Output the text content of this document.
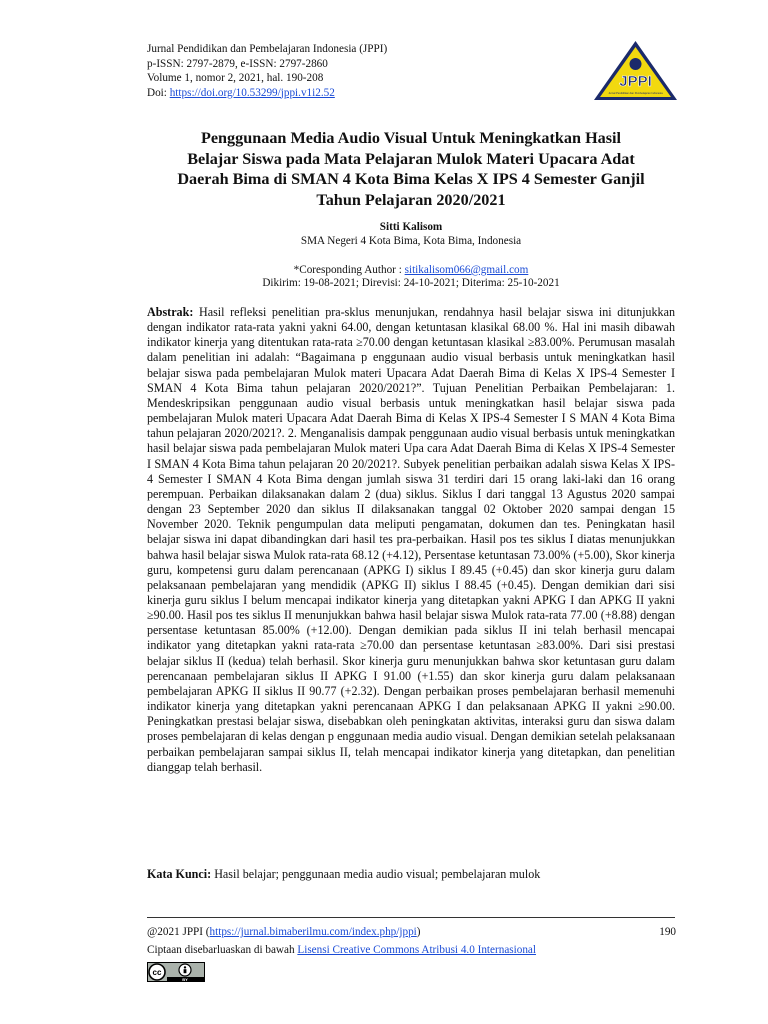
Jurnal Pendidikan dan Pembelajaran Indonesia (JPPI)
p-ISSN: 2797-2879, e-ISSN: 2797-2860
Volume 1, nomor 2, 2021, hal. 190-208
Doi: https://doi.org/10.53299/jppi.v1i2.52
JPPI
Jurnal Pendidikan dan Pembelajaran Indonesia
Penggunaan Media Audio Visual Untuk Meningkatkan Hasil
Belajar Siswa pada Mata Pelajaran Mulok Materi Upacara Adat
Daerah Bima di SMAN 4 Kota Bima Kelas X IPS 4 Semester Ganjil
Tahun Pelajaran 2020/2021
Sitti Kalisom
SMA Negeri 4 Kota Bima, Kota Bima, Indonesia
*Coresponding Author : sitikalisom066@gmail.com
Dikirim: 19-08-2021; Direvisi: 24-10-2021; Diterima: 25-10-2021
Abstrak: Hasil refleksi penelitian pra-sklus menunjukan, rendahnya hasil belajar siswa ini ditunjukkan dengan indikator rata-rata yakni yakni 64.00, dengan ketuntasan klasikal 68.00 %. Hal ini masih dibawah indikator kinerja yang ditentukan rata-rata ≥70.00 dengan ketuntasan klasikal ≥83.00%. Perumusan masalah dalam penelitian ini adalah: “Bagaimana p enggunaan audio visual berbasis untuk meningkatkan hasil belajar siswa pada pembelajaran Mulok materi Upacara Adat Daerah Bima di Kelas X IPS-4 Semester I SMAN 4 Kota Bima tahun pelajaran 2020/2021?”. Tujuan Penelitian Perbaikan Pembelajaran: 1. Mendeskripsikan penggunaan audio visual berbasis untuk meningkatkan hasil belajar siswa pada pembelajaran Mulok materi Upacara Adat Daerah Bima di Kelas X IPS-4 Semester I S MAN 4 Kota Bima tahun pelajaran 2020/2021?. 2. Menganalisis dampak penggunaan audio visual berbasis untuk meningkatkan hasil belajar siswa pada pembelajaran Mulok materi Upa cara Adat Daerah Bima di Kelas X IPS-4 Semester I SMAN 4 Kota Bima tahun pelajaran 20 20/2021?. Subyek penelitian perbaikan adalah siswa Kelas X IPS-4 Semester I SMAN 4 Kota Bima dengan jumlah siswa 31 terdiri dari 15 orang laki-laki dan 16 orang perempuan. Perbaikan dilaksanakan dalam 2 (dua) siklus. Siklus I dari tanggal 13 Agustus 2020 sampai dengan 23 September 2020 dan siklus II dilaksanakan tanggal 02 Oktober 2020 sampai dengan 15 November 2020. Teknik pengumpulan data meliputi pengamatan, dokumen dan tes. Peningkatan hasil belajar siswa ini dapat dibandingkan dari hasil tes pra-perbaikan. Hasil pos tes siklus I diatas menunjukkan bahwa hasil belajar siswa Mulok rata-rata 68.12 (+4.12), Persentase ketuntasan 73.00% (+5.00), Skor kinerja guru, kompetensi guru dalam perencanaan (APKG I) siklus I 89.45 (+0.45) dan skor kinerja guru dalam pelaksanaan pembelajaran yang mendidik (APKG II) siklus I 88.45 (+0.45). Dengan demikian dari sisi kinerja guru siklus I belum mencapai indikator kinerja yang ditetapkan yakni APKG I dan APKG II yakni ≥90.00. Hasil pos tes siklus II menunjukkan bahwa hasil belajar siswa Mulok rata-rata 77.00 (+8.88) dengan persentase ketuntasan 85.00% (+12.00). Dengan demikian pada siklus II ini telah berhasil mencapai indikator yang ditetapkan yakni rata-rata ≥70.00 dan persentase ketuntasan ≥83.00%. Dari sisi prestasi belajar siklus II (kedua) telah berhasil. Skor kinerja guru menunjukkan bahwa skor ketuntasan guru dalam perencanaan pembelajaran siklus II APKG I 91.00 (+1.55) dan skor kinerja guru dalam pelaksanaan pembelajaran APKG II siklus II 90.77 (+2.32). Dengan perbaikan proses pembelajaran berhasil memenuhi indikator kinerja yang ditetapkan yakni perencanaan APKG I dan pelaksanaan APKG II yakni ≥90.00. Peningkatkan prestasi belajar siswa, disebabkan oleh peningkatan aktivitas, interaksi guru dan siswa dalam proses pembelajaran di kelas dengan p enggunaan media audio visual. Dengan demikian setelah pelaksanaan perbaikan pembelajaran sampai siklus II, telah mencapai indikator kinerja yang ditetapkan, dan penelitian dianggap telah berhasil.
Kata Kunci: Hasil belajar; penggunaan media audio visual; pembelajaran mulok
@2021 JPPI (https://jurnal.bimaberilmu.com/index.php/jppi)	190
Ciptaan disebarluaskan di bawah Lisensi Creative Commons Atribusi 4.0 Internasional
cc
BY
